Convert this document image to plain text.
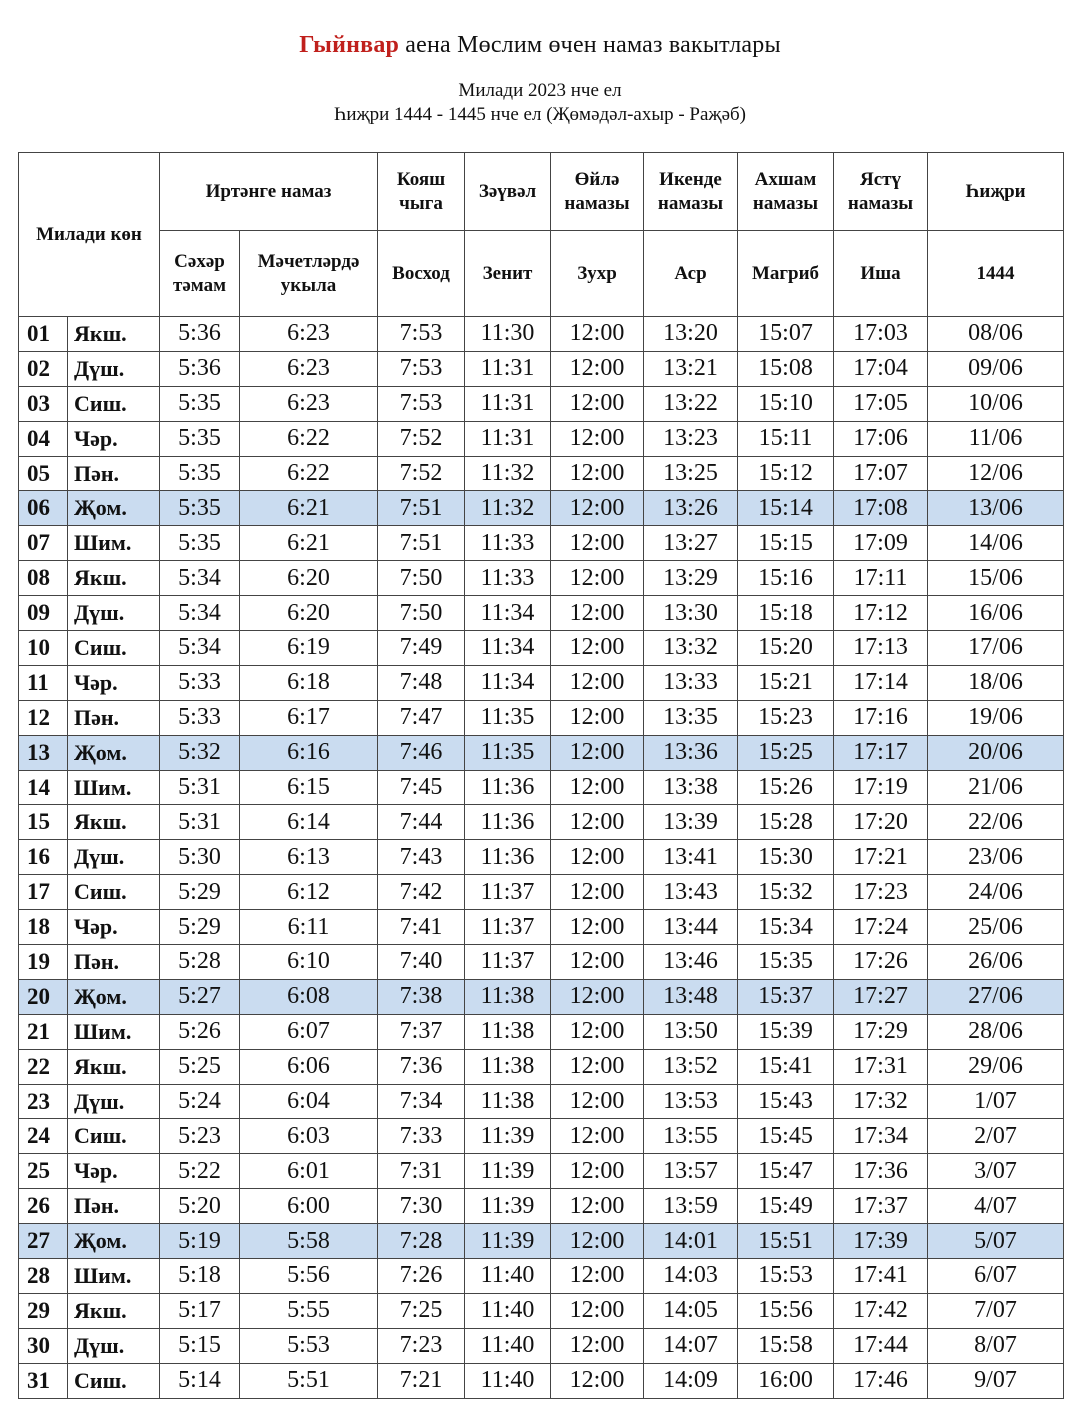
Гыйнвар аена Мөслим өчен намаз вакытлары
Милади 2023 нче ел
Һиҗри 1444 - 1445 нче ел (Җөмәдәл-ахыр - Раҗәб)
Милади көн		Иртәнге намаз		Кояш чыга	Зәүвәл	Өйлә намазы	Икенде намазы	Ахшам намазы	Ястү намазы	Һиҗри
		Сәхәр тәмам	Мәчетләрдә укыла	Восход	Зенит	Зухр	Аср	Магриб	Иша	1444
01	Якш.	5:36	6:23	7:53	11:30	12:00	13:20	15:07	17:03	08/06
02	Дүш.	5:36	6:23	7:53	11:31	12:00	13:21	15:08	17:04	09/06
03	Сиш.	5:35	6:23	7:53	11:31	12:00	13:22	15:10	17:05	10/06
04	Чәр.	5:35	6:22	7:52	11:31	12:00	13:23	15:11	17:06	11/06
05	Пән.	5:35	6:22	7:52	11:32	12:00	13:25	15:12	17:07	12/06
06	Җом.	5:35	6:21	7:51	11:32	12:00	13:26	15:14	17:08	13/06
07	Шим.	5:35	6:21	7:51	11:33	12:00	13:27	15:15	17:09	14/06
08	Якш.	5:34	6:20	7:50	11:33	12:00	13:29	15:16	17:11	15/06
09	Дүш.	5:34	6:20	7:50	11:34	12:00	13:30	15:18	17:12	16/06
10	Сиш.	5:34	6:19	7:49	11:34	12:00	13:32	15:20	17:13	17/06
11	Чәр.	5:33	6:18	7:48	11:34	12:00	13:33	15:21	17:14	18/06
12	Пән.	5:33	6:17	7:47	11:35	12:00	13:35	15:23	17:16	19/06
13	Җом.	5:32	6:16	7:46	11:35	12:00	13:36	15:25	17:17	20/06
14	Шим.	5:31	6:15	7:45	11:36	12:00	13:38	15:26	17:19	21/06
15	Якш.	5:31	6:14	7:44	11:36	12:00	13:39	15:28	17:20	22/06
16	Дүш.	5:30	6:13	7:43	11:36	12:00	13:41	15:30	17:21	23/06
17	Сиш.	5:29	6:12	7:42	11:37	12:00	13:43	15:32	17:23	24/06
18	Чәр.	5:29	6:11	7:41	11:37	12:00	13:44	15:34	17:24	25/06
19	Пән.	5:28	6:10	7:40	11:37	12:00	13:46	15:35	17:26	26/06
20	Җом.	5:27	6:08	7:38	11:38	12:00	13:48	15:37	17:27	27/06
21	Шим.	5:26	6:07	7:37	11:38	12:00	13:50	15:39	17:29	28/06
22	Якш.	5:25	6:06	7:36	11:38	12:00	13:52	15:41	17:31	29/06
23	Дүш.	5:24	6:04	7:34	11:38	12:00	13:53	15:43	17:32	1/07
24	Сиш.	5:23	6:03	7:33	11:39	12:00	13:55	15:45	17:34	2/07
25	Чәр.	5:22	6:01	7:31	11:39	12:00	13:57	15:47	17:36	3/07
26	Пән.	5:20	6:00	7:30	11:39	12:00	13:59	15:49	17:37	4/07
27	Җом.	5:19	5:58	7:28	11:39	12:00	14:01	15:51	17:39	5/07
28	Шим.	5:18	5:56	7:26	11:40	12:00	14:03	15:53	17:41	6/07
29	Якш.	5:17	5:55	7:25	11:40	12:00	14:05	15:56	17:42	7/07
30	Дүш.	5:15	5:53	7:23	11:40	12:00	14:07	15:58	17:44	8/07
31	Сиш.	5:14	5:51	7:21	11:40	12:00	14:09	16:00	17:46	9/07
